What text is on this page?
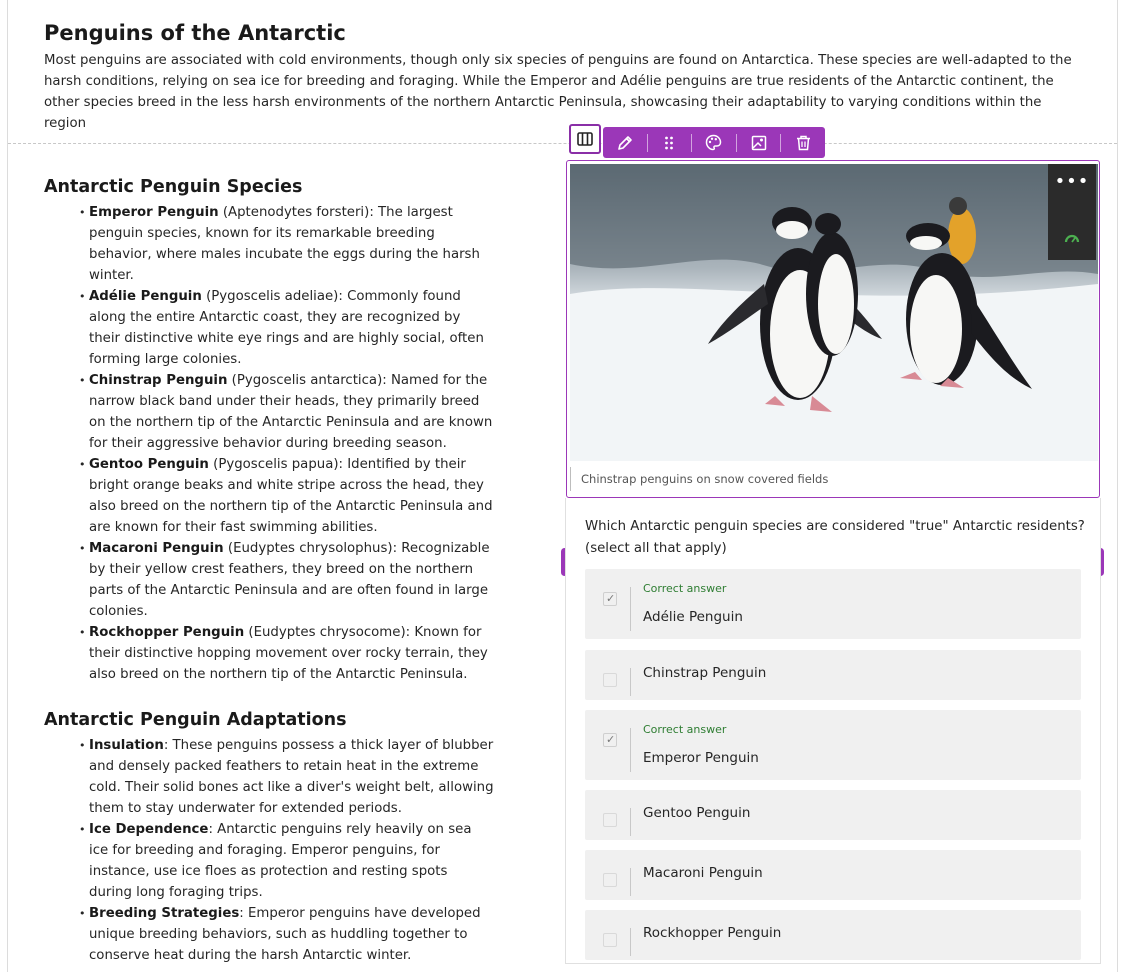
Penguins of the Antarctic

Most penguins are associated with cold environments, though only six species of penguins are found on Antarctica. These species are well-adapted to the harsh conditions, relying on sea ice for breeding and foraging. While the Emperor and Adélie penguins are true residents of the Antarctic continent, the other species breed in the less harsh environments of the northern Antarctic Peninsula, showcasing their adaptability to varying conditions within the region

Antarctic Penguin Species
• Emperor Penguin (Aptenodytes forsteri): The largest penguin species, known for its remarkable breeding behavior, where males incubate the eggs during the harsh winter.
• Adélie Penguin (Pygoscelis adeliae): Commonly found along the entire Antarctic coast, they are recognized by their distinctive white eye rings and are highly social, often forming large colonies.
• Chinstrap Penguin (Pygoscelis antarctica): Named for the narrow black band under their heads, they primarily breed on the northern tip of the Antarctic Peninsula and are known for their aggressive behavior during breeding season.
• Gentoo Penguin (Pygoscelis papua): Identified by their bright orange beaks and white stripe across the head, they also breed on the northern tip of the Antarctic Peninsula and are known for their fast swimming abilities.
• Macaroni Penguin (Eudyptes chrysolophus): Recognizable by their yellow crest feathers, they breed on the northern parts of the Antarctic Peninsula and are often found in large colonies.
• Rockhopper Penguin (Eudyptes chrysocome): Known for their distinctive hopping movement over rocky terrain, they also breed on the northern tip of the Antarctic Peninsula.
Antarctic Penguin Adaptations
• Insulation: These penguins possess a thick layer of blubber and densely packed feathers to retain heat in the extreme cold. Their solid bones act like a diver's weight belt, allowing them to stay underwater for extended periods.
• Ice Dependence: Antarctic penguins rely heavily on sea ice for breeding and foraging. Emperor penguins, for instance, use ice floes as protection and resting spots during long foraging trips.
• Breeding Strategies: Emperor penguins have developed unique breeding behaviors, such as huddling together to conserve heat during the harsh Antarctic winter.
•••
Chinstrap penguins on snow covered fields
Which Antarctic penguin species are considered "true" Antarctic residents? (select all that apply)
✓
Correct answer
Adélie Penguin
Chinstrap Penguin
✓
Correct answer
Emperor Penguin
Gentoo Penguin
Macaroni Penguin
Rockhopper Penguin
